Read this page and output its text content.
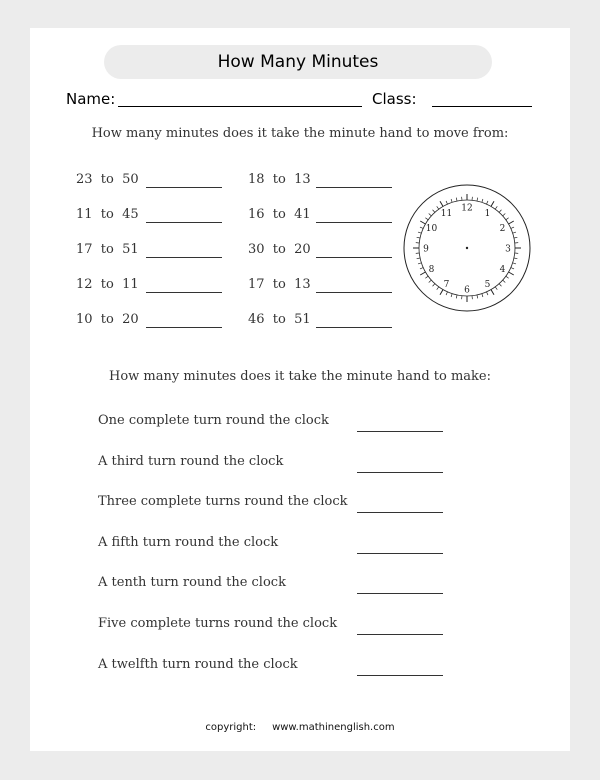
How Many Minutes
Name:	Class:
How many minutes does it take the minute hand to move from:
23  to  50
11  to  45
17  to  51
12  to  11
10  to  20
18  to  13
16  to  41
30  to  20
17  to  13
46  to  51
12
1
2
3
4
5
6
7
8
9
10
11
How many minutes does it take the minute hand to make:
One complete turn round the clock
A third turn round the clock
Three complete turns round the clock
A fifth turn round the clock
A tenth turn round the clock
Five complete turns round the clock
A twelfth turn round the clock
copyright: www.mathinenglish.com
